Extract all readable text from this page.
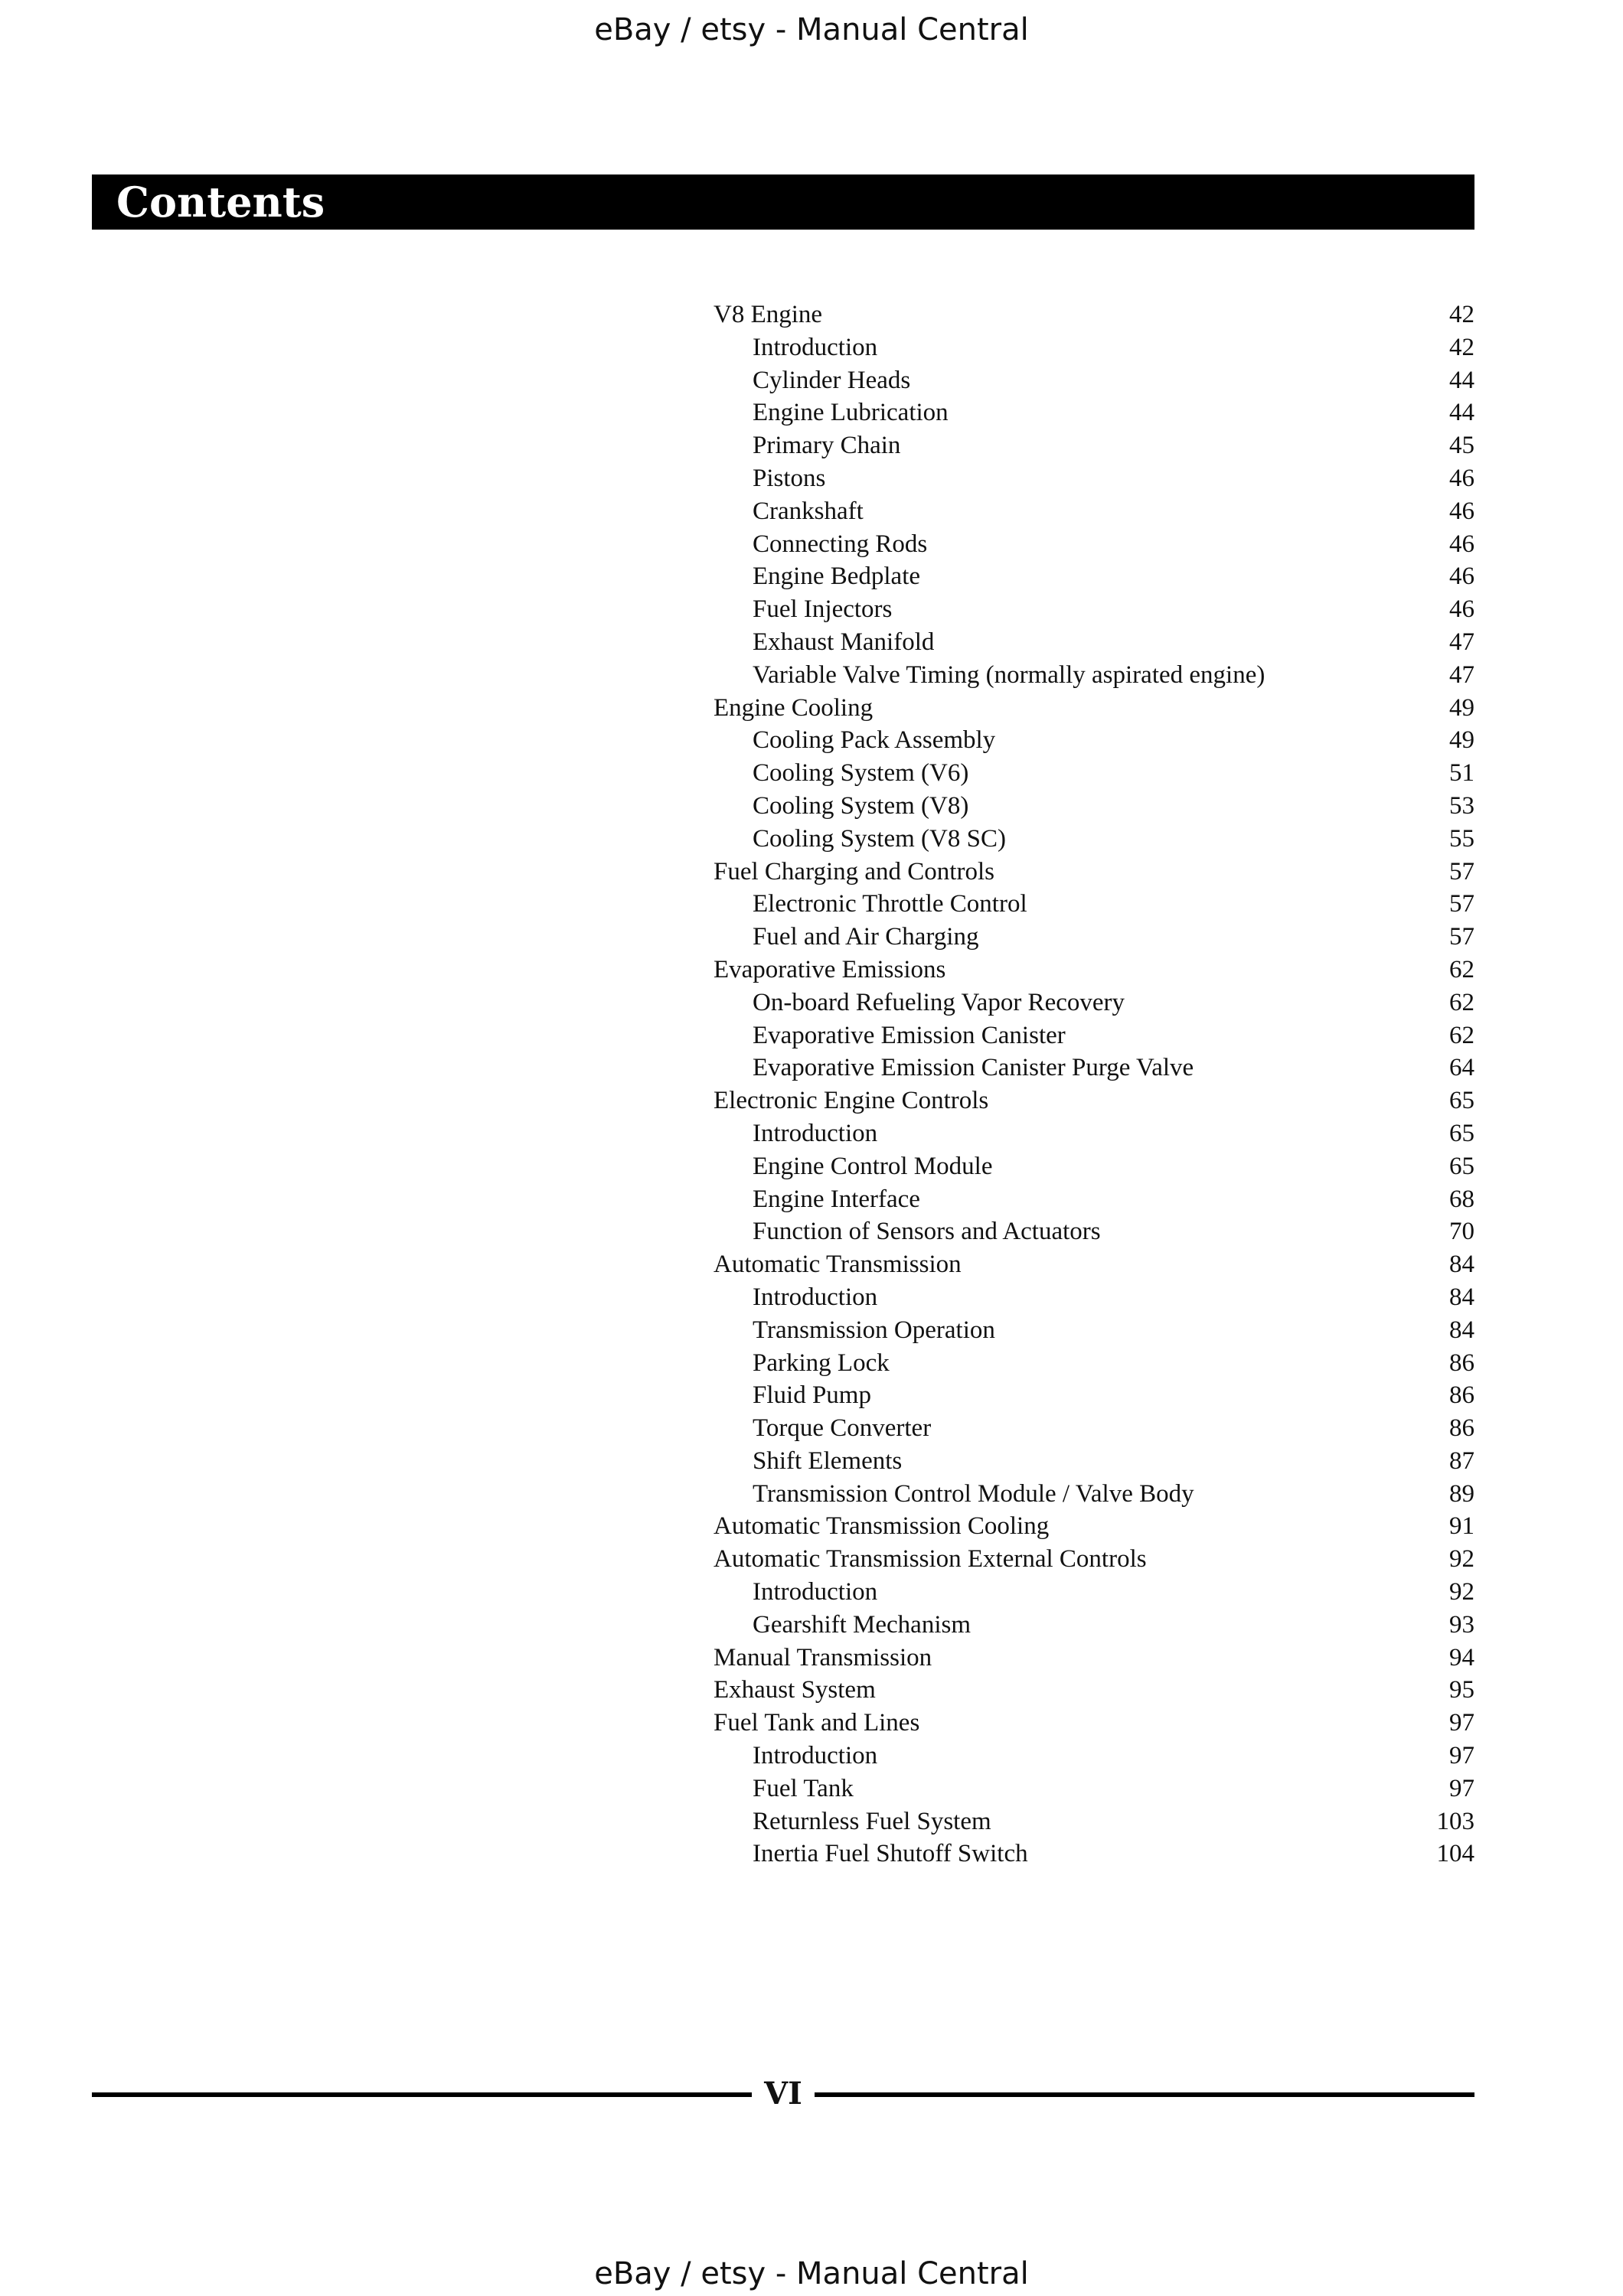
eBay / etsy - Manual Central
Contents
V8 Engine	42
Introduction	42
Cylinder Heads	44
Engine Lubrication	44
Primary Chain	45
Pistons	46
Crankshaft	46
Connecting Rods	46
Engine Bedplate	46
Fuel Injectors	46
Exhaust Manifold	47
Variable Valve Timing (normally aspirated engine)	47
Engine Cooling	49
Cooling Pack Assembly	49
Cooling System (V6)	51
Cooling System (V8)	53
Cooling System (V8 SC)	55
Fuel Charging and Controls	57
Electronic Throttle Control	57
Fuel and Air Charging	57
Evaporative Emissions	62
On-board Refueling Vapor Recovery	62
Evaporative Emission Canister	62
Evaporative Emission Canister Purge Valve	64
Electronic Engine Controls	65
Introduction	65
Engine Control Module	65
Engine Interface	68
Function of Sensors and Actuators	70
Automatic Transmission	84
Introduction	84
Transmission Operation	84
Parking Lock	86
Fluid Pump	86
Torque Converter	86
Shift Elements	87
Transmission Control Module / Valve Body	89
Automatic Transmission Cooling	91
Automatic Transmission External Controls	92
Introduction	92
Gearshift Mechanism	93
Manual Transmission	94
Exhaust System	95
Fuel Tank and Lines	97
Introduction	97
Fuel Tank	97
Returnless Fuel System	103
Inertia Fuel Shutoff Switch	104
VI
eBay / etsy - Manual Central
